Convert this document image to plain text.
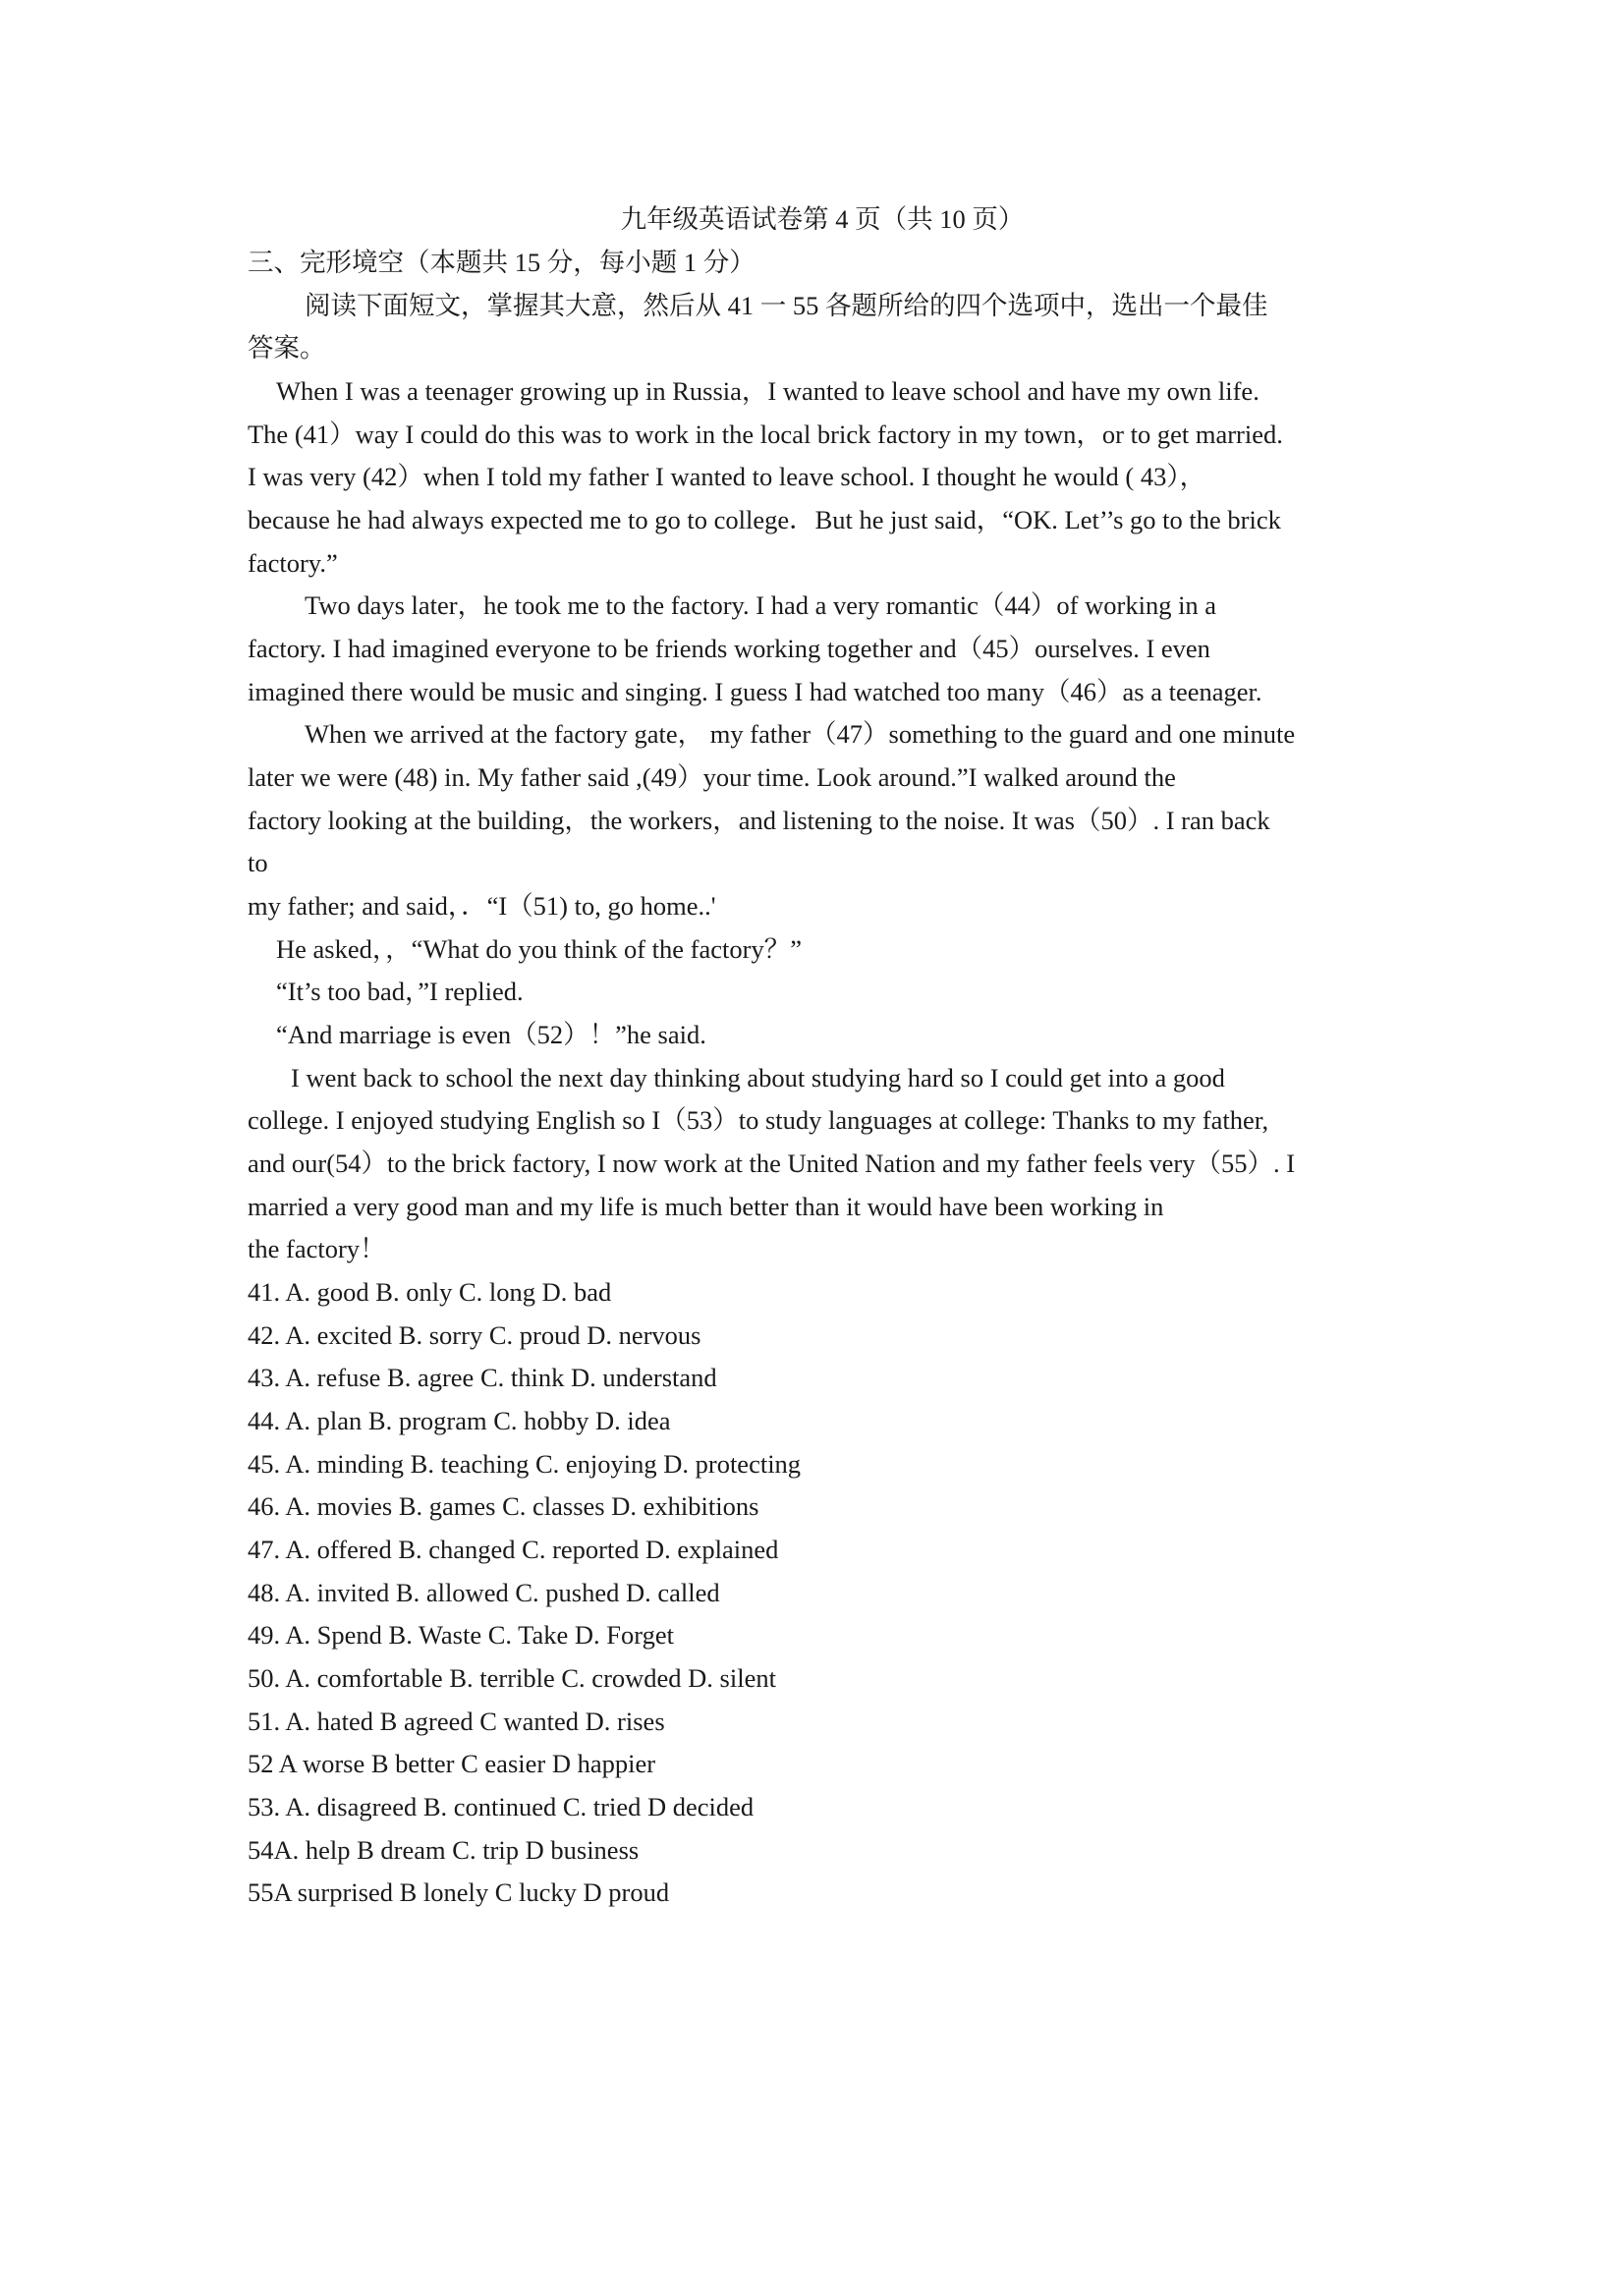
九年级英语试卷第 4 页（共 10 页）
三、完形境空（本题共 15 分，每小题 1 分）
阅读下面短文，掌握其大意，然后从 41 一 55 各题所给的四个选项中，选出一个最佳
答案。
When I was a teenager growing up in Russia，I wanted to leave school and have my own life.
The (41）way I could do this was to work in the local brick factory in my town，or to get married.
I was very (42）when I told my father I wanted to leave school. I thought he would ( 43），
because he had always expected me to go to college．But he just said，“OK. Let’’s go to the brick
factory.”
Two days later，he took me to the factory. I had a very romantic（44）of working in a
factory. I had imagined everyone to be friends working together and（45）ourselves. I even
imagined there would be music and singing. I guess I had watched too many（46）as a teenager.
When we arrived at the factory gate， my father（47）something to the guard and one minute
later we were (48) in. My father said ,(49）your time. Look around.”I walked around the
factory looking at the building，the workers，and listening to the noise. It was（50）. I ran back
to
my father; and said，．“I（51) to, go home..'
He asked，，“What do you think of the factory？”
“It’s too bad，”I replied.
“And marriage is even（52）！”he said.
I went back to school the next day thinking about studying hard so I could get into a good
college. I enjoyed studying English so I（53）to study languages at college: Thanks to my father,
and our(54）to the brick factory, I now work at the United Nation and my father feels very（55）. I
married a very good man and my life is much better than it would have been working in
the factory！
41. A. good B. only C. long D. bad
42. A. excited B. sorry C. proud D. nervous
43. A. refuse B. agree C. think D. understand
44. A. plan B. program C. hobby D. idea
45. A. minding B. teaching C. enjoying D. protecting
46. A. movies B. games C. classes D. exhibitions
47. A. offered B. changed C. reported D. explained
48. A. invited B. allowed C. pushed D. called
49. A. Spend B. Waste C. Take D. Forget
50. A. comfortable B. terrible C. crowded D. silent
51. A. hated B agreed C wanted D. rises
52 A worse B better C easier D happier
53. A. disagreed B. continued C. tried D decided
54A. help B dream C. trip D business
55A surprised B lonely C lucky D proud
